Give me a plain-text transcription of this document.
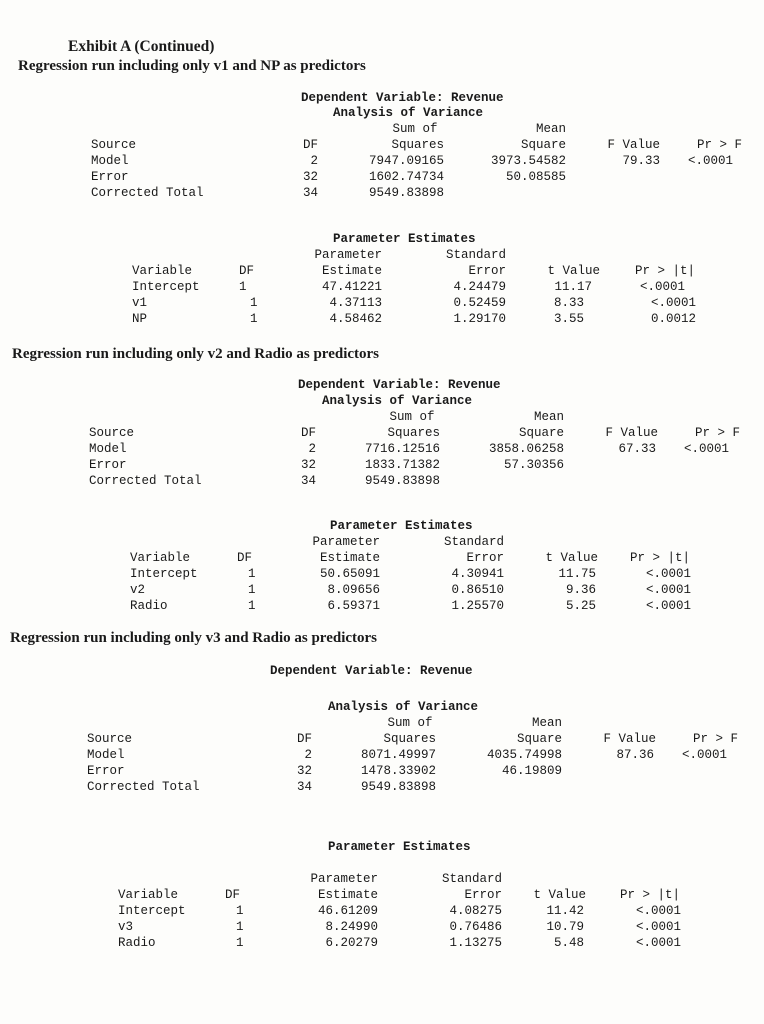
Exhibit A (Continued)
Regression run including only v1 and NP as predictors
Dependent Variable: Revenue
Analysis of Variance
Sum of	Mean
Source	DF	Squares	Square	F Value	Pr > F
Model	2	7947.09165	3973.54582	79.33 <.0001
Error	32	1602.74734	50.08585
Corrected Total	34	9549.83898
Parameter Estimates
Parameter	Standard
Variable	DF	Estimate	Error	t Value	Pr > |t|
Intercept	1	47.41221	4.24479	11.17	<.0001
v1	1	4.37113	0.52459	8.33	<.0001
NP	1	4.58462	1.29170	3.55	0.0012
Regression run including only v2 and Radio as predictors
Dependent Variable: Revenue
Analysis of Variance
Sum of	Mean
Source	DF	Squares	Square	F Value	Pr > F
Model	2	7716.12516	3858.06258	67.33 <.0001
Error	32	1833.71382	57.30356
Corrected Total	34	9549.83898
Parameter Estimates
Parameter	Standard
Variable	DF	Estimate	Error	t Value	Pr > |t|
Intercept	1	50.65091	4.30941	11.75	<.0001
v2	1	8.09656	0.86510	9.36	<.0001
Radio	1	6.59371	1.25570	5.25	<.0001
Regression run including only v3 and Radio as predictors
Dependent Variable: Revenue
Analysis of Variance
Sum of	Mean
Source	DF	Squares	Square	F Value	Pr > F
Model	2	8071.49997	4035.74998	87.36 <.0001
Error	32	1478.33902	46.19809
Corrected Total	34	9549.83898
Parameter Estimates
Parameter	Standard
Variable	DF	Estimate	Error	t Value	Pr > |t|
Intercept	1	46.61209	4.08275	11.42	<.0001
v3	1	8.24990	0.76486	10.79	<.0001
Radio	1	6.20279	1.13275	5.48	<.0001
